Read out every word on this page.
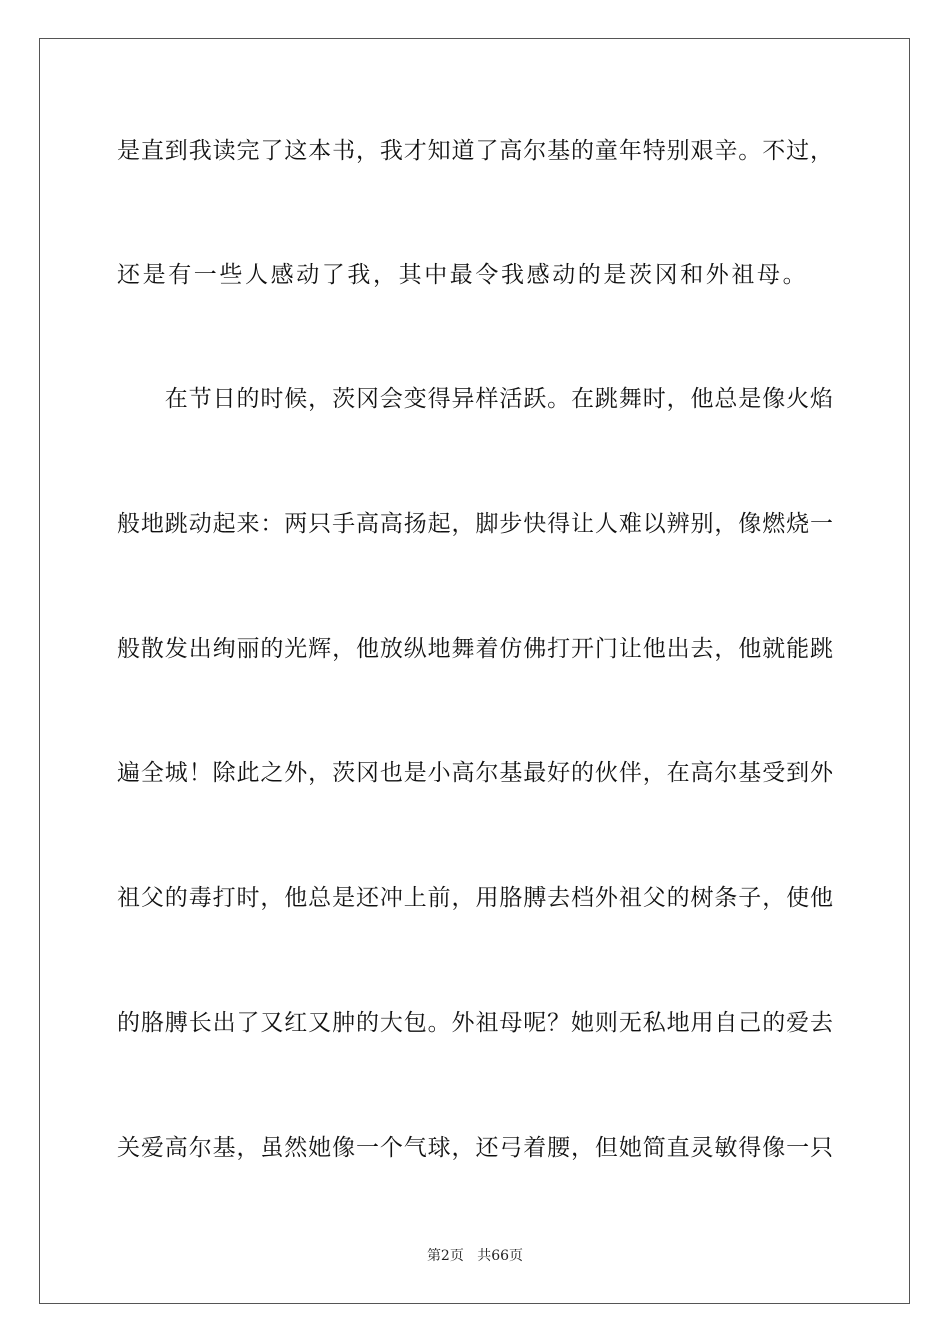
是直到我读完了这本书，我才知道了高尔基的童年特别艰辛。不过，
还是有一些人感动了我，其中最令我感动的是茨冈和外祖母。
　　在节日的时候，茨冈会变得异样活跃。在跳舞时，他总是像火焰
般地跳动起来：两只手高高扬起，脚步快得让人难以辨别，像燃烧一
般散发出绚丽的光辉，他放纵地舞着仿佛打开门让他出去，他就能跳
遍全城！除此之外，茨冈也是小高尔基最好的伙伴，在高尔基受到外
祖父的毒打时，他总是还冲上前，用胳膊去档外祖父的树条子，使他
的胳膊长出了又红又肿的大包。外祖母呢？她则无私地用自己的爱去
关爱高尔基，虽然她像一个气球，还弓着腰，但她简直灵敏得像一只
第2页 共66页
